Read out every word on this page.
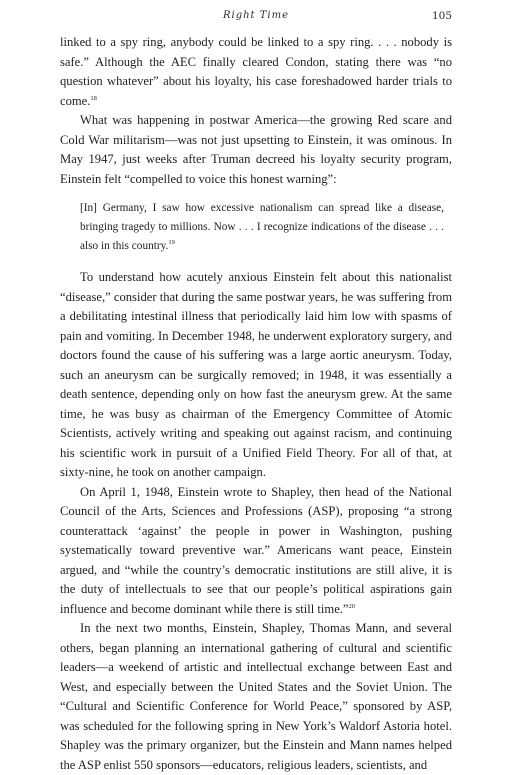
Right Time	105

linked to a spy ring, anybody could be linked to a spy ring. . . . nobody is safe.” Although the AEC finally cleared Condon, stating there was “no question whatever” about his loyalty, his case foreshadowed harder trials to come.$^{18}$

What was happening in postwar America—the growing Red scare and Cold War militarism—was not just upsetting to Einstein, it was ominous. In May 1947, just weeks after Truman decreed his loyalty security program, Einstein felt “compelled to voice this honest warning”:

[In] Germany, I saw how excessive nationalism can spread like a disease, bringing tragedy to millions. Now . . . I recognize indications of the disease . . . also in this country.$^{19}$

To understand how acutely anxious Einstein felt about this nationalist “disease,” consider that during the same postwar years, he was suffering from a debilitating intestinal illness that periodically laid him low with spasms of pain and vomiting. In December 1948, he underwent exploratory surgery, and doctors found the cause of his suffering was a large aortic aneurysm. Today, such an aneurysm can be surgically removed; in 1948, it was essentially a death sentence, depending only on how fast the aneurysm grew. At the same time, he was busy as chairman of the Emergency Committee of Atomic Scientists, actively writing and speaking out against racism, and continuing his scientific work in pursuit of a Unified Field Theory. For all of that, at sixty-nine, he took on another campaign.

On April 1, 1948, Einstein wrote to Shapley, then head of the National Council of the Arts, Sciences and Professions (ASP), proposing “a strong counterattack ‘against’ the people in power in Washington, pushing systematically toward preventive war.” Americans want peace, Einstein argued, and “while the country’s democratic institutions are still alive, it is the duty of intellectuals to see that our people’s political aspirations gain influence and become dominant while there is still time.”$^{20}$

In the next two months, Einstein, Shapley, Thomas Mann, and several others, began planning an international gathering of cultural and scientific leaders—a weekend of artistic and intellectual exchange between East and West, and especially between the United States and the Soviet Union. The “Cultural and Scientific Conference for World Peace,” sponsored by ASP, was scheduled for the following spring in New York’s Waldorf Astoria hotel. Shapley was the primary organizer, but the Einstein and Mann names helped the ASP enlist 550 sponsors—educators, religious leaders, scientists, and
